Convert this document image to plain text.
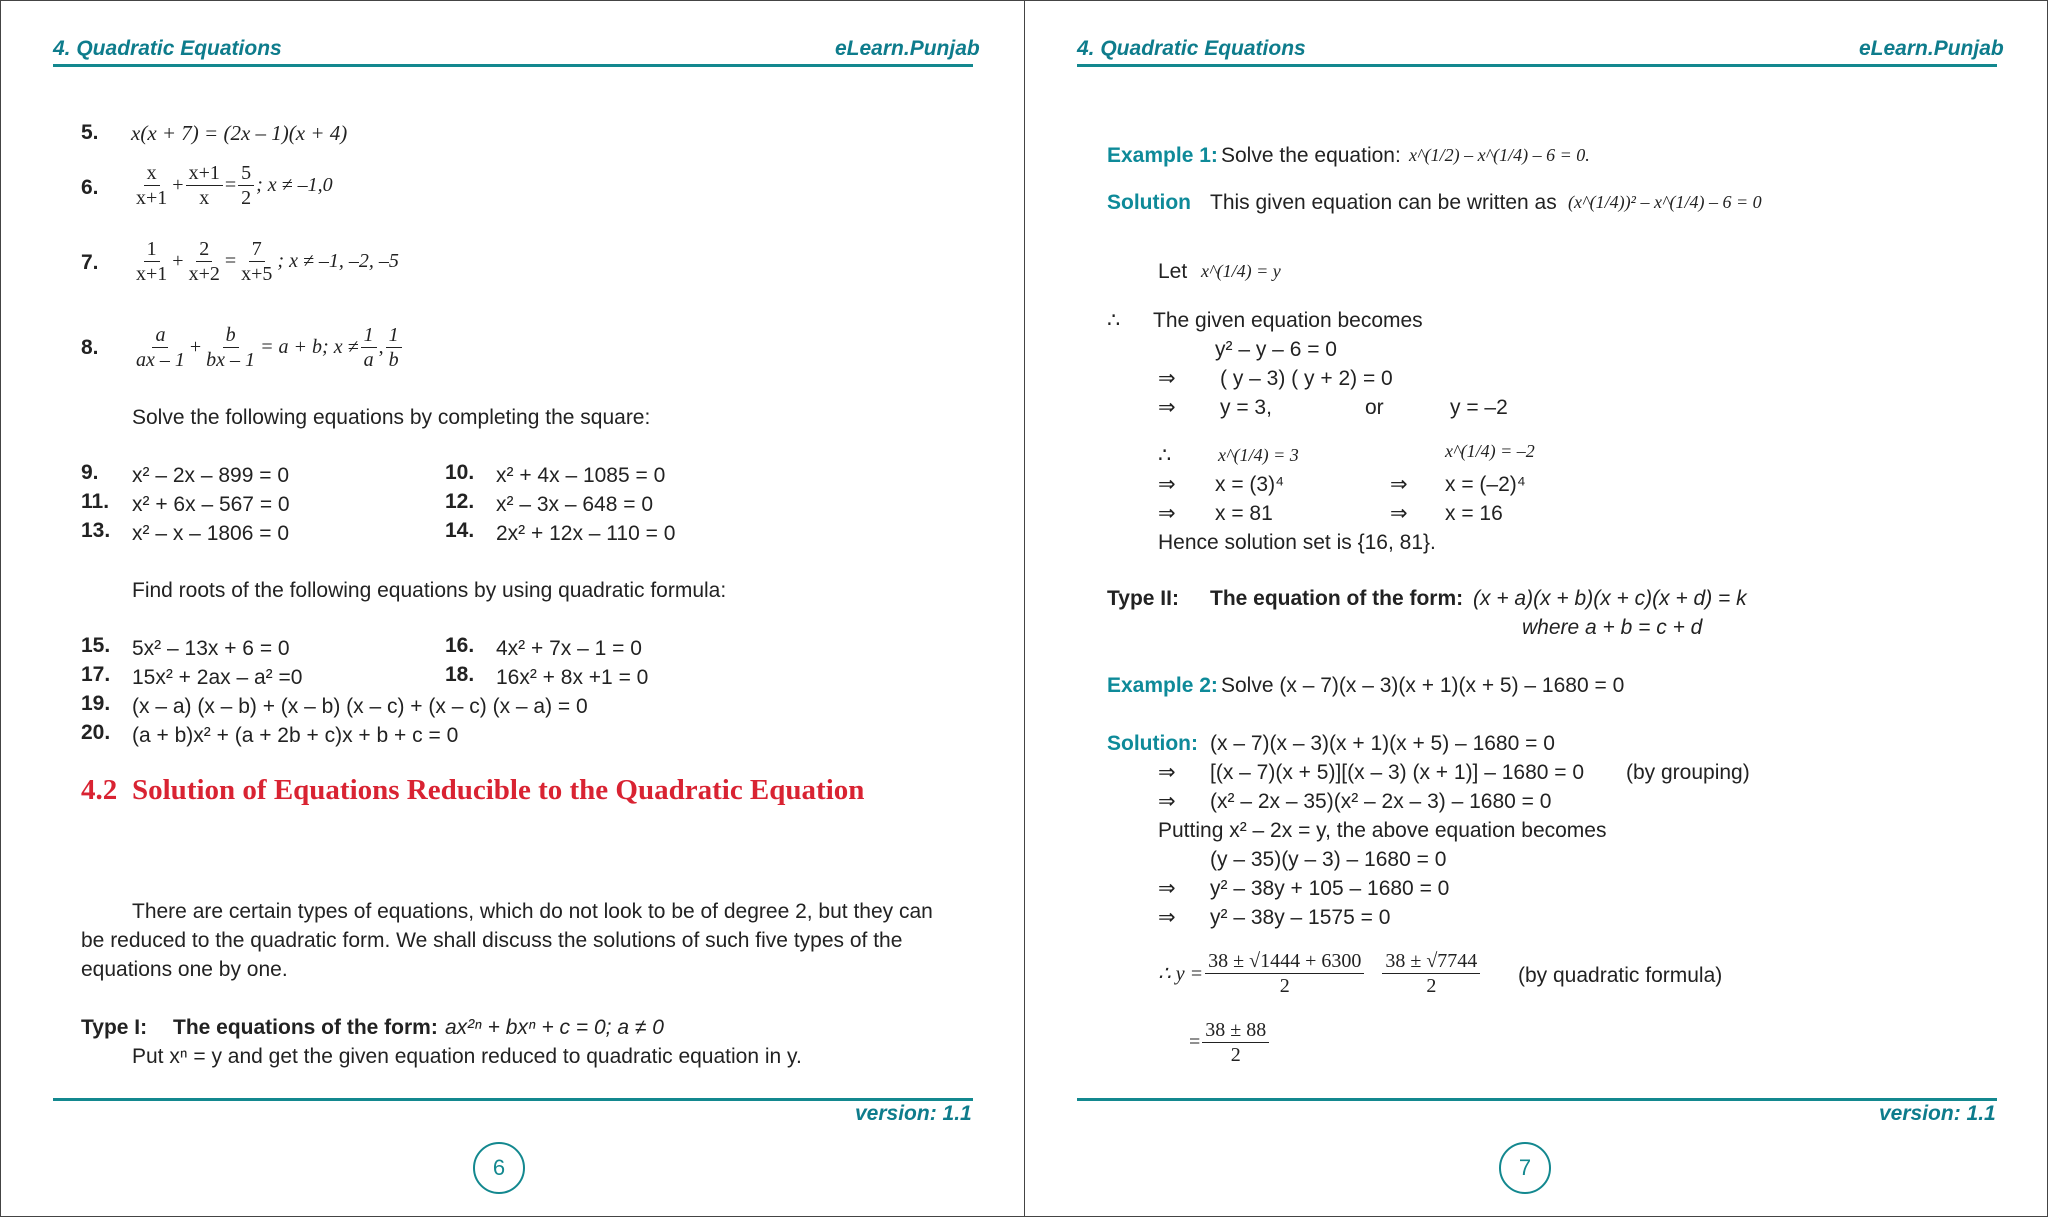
4. Quadratic Equations	eLearn.Punjab
5. x(x + 7) = (2x – 1)(x + 4)
6. $\frac{x}{x+1} + \frac{x+1}{x} = \frac{5}{2}$ ; x ≠ –1,0
7. $\frac{1}{x+1} + \frac{2}{x+2} = \frac{7}{x+5}$ ; x ≠ –1, –2, –5
8. $\frac{a}{ax - 1} + \frac{b}{bx - 1} = a + b$; $x \ne \frac{1}{a}$ , $\frac{1}{b}$
Solve the following equations by completing the square:
9. x² – 2x – 899 = 0	10. x² + 4x – 1085 = 0
11. x² + 6x – 567 = 0	12. x² – 3x – 648 = 0
13. x² – x – 1806 = 0	14. 2x² + 12x – 110 = 0
Find roots of the following equations by using quadratic formula:
15. 5x² – 13x + 6 = 0	16. 4x² + 7x – 1 = 0
17. 15x² + 2ax – a² =0	18. 16x² + 8x +1 = 0
19. (x – a) (x – b) + (x – b) (x – c) + (x – c) (x – a) = 0
20. (a + b)x² + (a + 2b + c)x + b + c = 0
4.2 Solution of Equations Reducible to the Quadratic Equation
There are certain types of equations, which do not look to be of degree 2, but they can
be reduced to the quadratic form. We shall discuss the solutions of such five types of the
equations one by one.
Type I: The equations of the form: ax²ⁿ + bxⁿ + c = 0; a ≠ 0
Put xⁿ = y and get the given equation reduced to quadratic equation in y.
version: 1.1
6
4. Quadratic Equations	eLearn.Punjab
Example 1: Solve the equation: x^(1/2) – x^(1/4) – 6 = 0.
Solution This given equation can be written as (x^(1/4))² – x^(1/4) – 6 = 0
Let x^(1/4) = y
∴ The given equation becomes
y² – y – 6 = 0
⇒ ( y – 3) ( y + 2) = 0
⇒ y = 3,	or	y = –2
∴	x^(1/4) = 3	x^(1/4) = –2
⇒ x = (3)⁴	⇒ x = (–2)⁴
⇒ x = 81	⇒ x = 16
Hence solution set is {16, 81}.
Type II: The equation of the form: (x + a)(x + b)(x + c)(x + d) = k
where a + b = c + d
Example 2: Solve (x – 7)(x – 3)(x + 1)(x + 5) – 1680 = 0
Solution: (x – 7)(x – 3)(x + 1)(x + 5) – 1680 = 0
⇒ [(x – 7)(x + 5)][(x – 3) (x + 1)] – 1680 = 0 (by grouping)
⇒ (x² – 2x – 35)(x² – 2x – 3) – 1680 = 0
Putting x² – 2x = y, the above equation becomes
(y – 35)(y – 3) – 1680 = 0
⇒ y² – 38y + 105 – 1680 = 0
⇒ y² – 38y – 1575 = 0
∴ $y = \frac{38 \pm √1444 + 6300}{2} \frac{38 \pm √7744}{2} (by$ quadratic formula)
= $\frac{38 \pm 88}{2}$
version: 1.1
7
